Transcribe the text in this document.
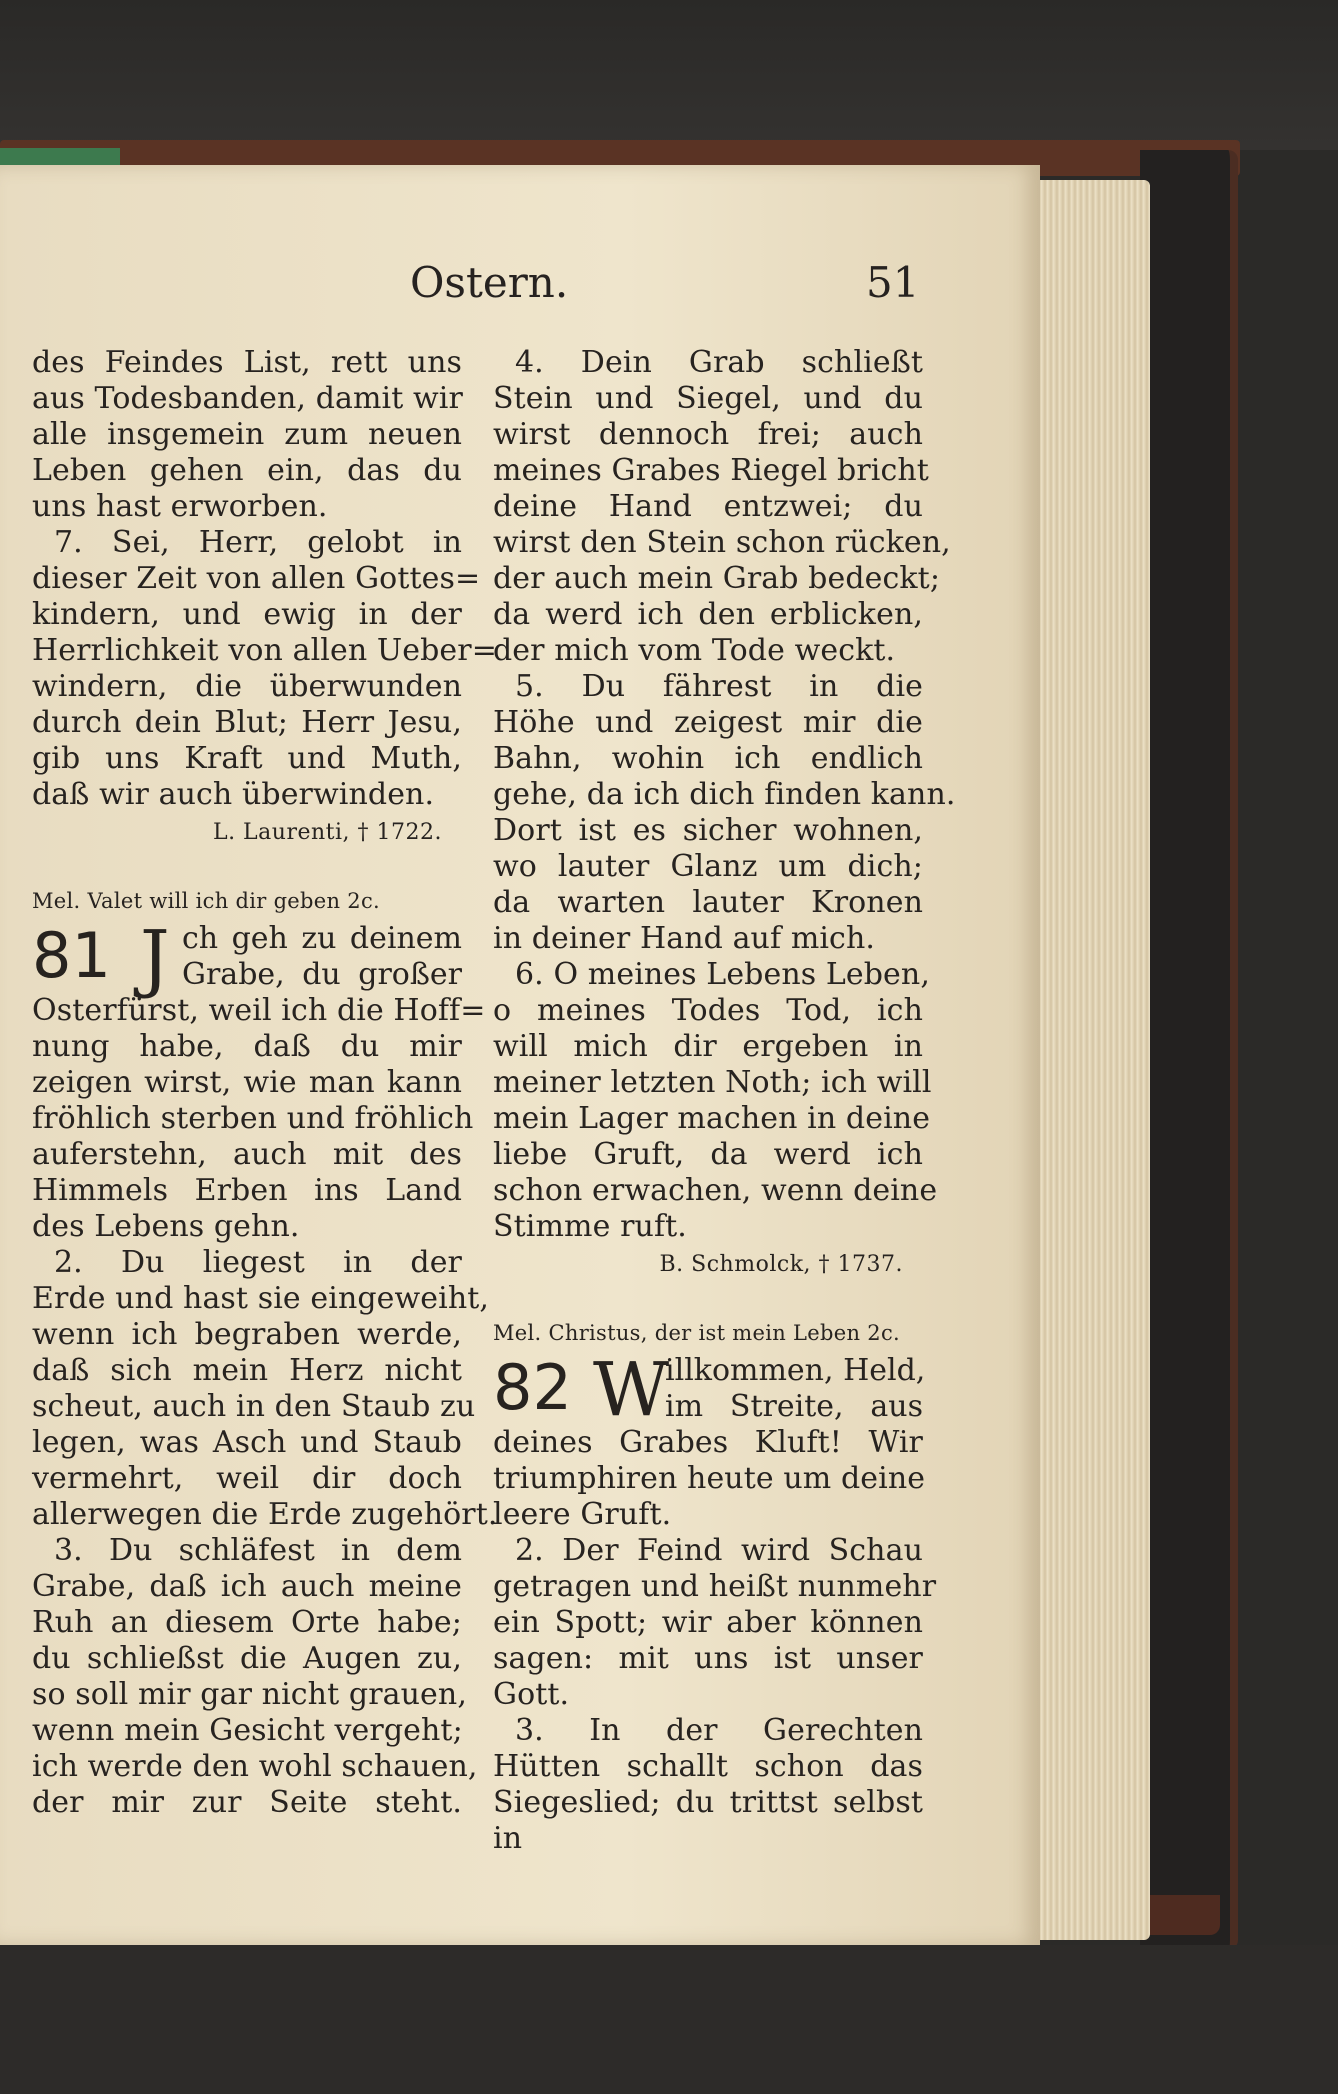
Ostern.	51
des Feindes List, rett uns
aus Todesbanden, damit wir
alle insgemein zum neuen
Leben gehen ein, das du
uns hast erworben.
7. Sei, Herr, gelobt in
dieser Zeit von allen Gottes=
kindern, und ewig in der
Herrlichkeit von allen Ueber=
windern, die überwunden
durch dein Blut; Herr Jesu,
gib uns Kraft und Muth,
daß wir auch überwinden.
L. Laurenti, † 1722.
Mel. Valet will ich dir geben 2c.
81 J ch geh zu deinem
Grabe, du großer
Osterfürst, weil ich die Hoff=
nung habe, daß du mir
zeigen wirst, wie man kann
fröhlich sterben und fröhlich
auferstehn, auch mit des
Himmels Erben ins Land
des Lebens gehn.
2. Du liegest in der
Erde und hast sie eingeweiht,
wenn ich begraben werde,
daß sich mein Herz nicht
scheut, auch in den Staub zu
legen, was Asch und Staub
vermehrt, weil dir doch
allerwegen die Erde zugehört.
3. Du schläfest in dem
Grabe, daß ich auch meine
Ruh an diesem Orte habe;
du schließst die Augen zu,
so soll mir gar nicht grauen,
wenn mein Gesicht vergeht;
ich werde den wohl schauen,
der mir zur Seite steht.
4. Dein Grab schließt
Stein und Siegel, und du
wirst dennoch frei; auch
meines Grabes Riegel bricht
deine Hand entzwei; du
wirst den Stein schon rücken,
der auch mein Grab bedeckt;
da werd ich den erblicken,
der mich vom Tode weckt.
5. Du fährest in die
Höhe und zeigest mir die
Bahn, wohin ich endlich
gehe, da ich dich finden kann.
Dort ist es sicher wohnen,
wo lauter Glanz um dich;
da warten lauter Kronen
in deiner Hand auf mich.
6. O meines Lebens Leben,
o meines Todes Tod, ich
will mich dir ergeben in
meiner letzten Noth; ich will
mein Lager machen in deine
liebe Gruft, da werd ich
schon erwachen, wenn deine
Stimme ruft.
B. Schmolck, † 1737.
Mel. Christus, der ist mein Leben 2c.
82 W
illkommen, Held,
im Streite, aus
deines Grabes Kluft! Wir
triumphiren heute um deine
leere Gruft.
2. Der Feind wird Schau
getragen und heißt nunmehr
ein Spott; wir aber können
sagen: mit uns ist unser
Gott.
3. In der Gerechten
Hütten schallt schon das
Siegeslied; du trittst selbst
in
